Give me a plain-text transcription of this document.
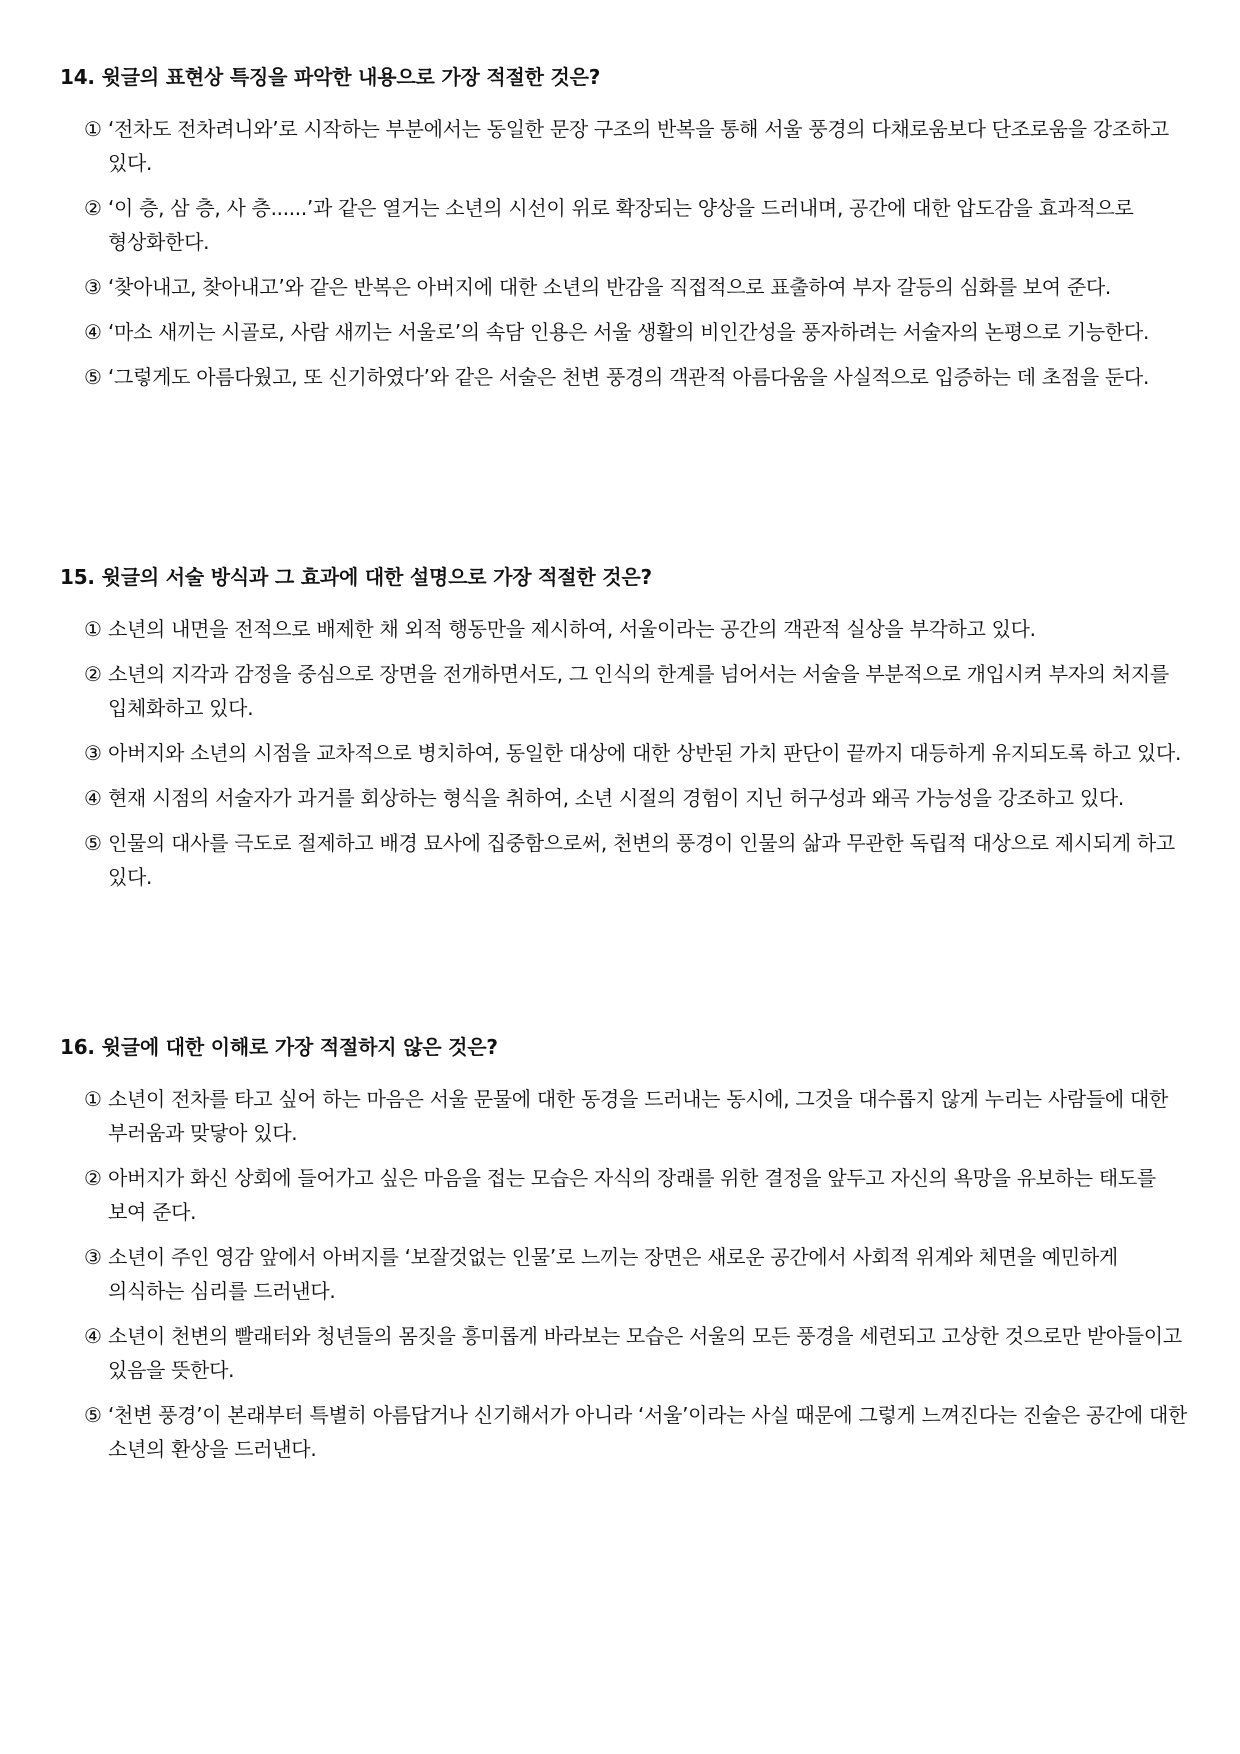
14. 윗글의 표현상 특징을 파악한 내용으로 가장 적절한 것은?
① ‘전차도 전차려니와’로 시작하는 부분에서는 동일한 문장 구조의 반복을 통해 서울 풍경의 다채로움보다 단조로움을 강조하고 있다.
② ‘이 층, 삼 층, 사 층......’과 같은 열거는 소년의 시선이 위로 확장되는 양상을 드러내며, 공간에 대한 압도감을 효과적으로 형상화한다.
③ ‘찾아내고, 찾아내고’와 같은 반복은 아버지에 대한 소년의 반감을 직접적으로 표출하여 부자 갈등의 심화를 보여 준다.
④ ‘마소 새끼는 시골로, 사람 새끼는 서울로’의 속담 인용은 서울 생활의 비인간성을 풍자하려는 서술자의 논평으로 기능한다.
⑤ ‘그렇게도 아름다웠고, 또 신기하였다’와 같은 서술은 천변 풍경의 객관적 아름다움을 사실적으로 입증하는 데 초점을 둔다.
15. 윗글의 서술 방식과 그 효과에 대한 설명으로 가장 적절한 것은?
① 소년의 내면을 전적으로 배제한 채 외적 행동만을 제시하여, 서울이라는 공간의 객관적 실상을 부각하고 있다.
② 소년의 지각과 감정을 중심으로 장면을 전개하면서도, 그 인식의 한계를 넘어서는 서술을 부분적으로 개입시켜 부자의 처지를 입체화하고 있다.
③ 아버지와 소년의 시점을 교차적으로 병치하여, 동일한 대상에 대한 상반된 가치 판단이 끝까지 대등하게 유지되도록 하고 있다.
④ 현재 시점의 서술자가 과거를 회상하는 형식을 취하여, 소년 시절의 경험이 지닌 허구성과 왜곡 가능성을 강조하고 있다.
⑤ 인물의 대사를 극도로 절제하고 배경 묘사에 집중함으로써, 천변의 풍경이 인물의 삶과 무관한 독립적 대상으로 제시되게 하고 있다.
16. 윗글에 대한 이해로 가장 적절하지 않은 것은?
① 소년이 전차를 타고 싶어 하는 마음은 서울 문물에 대한 동경을 드러내는 동시에, 그것을 대수롭지 않게 누리는 사람들에 대한 부러움과 맞닿아 있다.
② 아버지가 화신 상회에 들어가고 싶은 마음을 접는 모습은 자식의 장래를 위한 결정을 앞두고 자신의 욕망을 유보하는 태도를 보여 준다.
③ 소년이 주인 영감 앞에서 아버지를 ‘보잘것없는 인물’로 느끼는 장면은 새로운 공간에서 사회적 위계와 체면을 예민하게 의식하는 심리를 드러낸다.
④ 소년이 천변의 빨래터와 청년들의 몸짓을 흥미롭게 바라보는 모습은 서울의 모든 풍경을 세련되고 고상한 것으로만 받아들이고 있음을 뜻한다.
⑤ ‘천변 풍경’이 본래부터 특별히 아름답거나 신기해서가 아니라 ‘서울’이라는 사실 때문에 그렇게 느껴진다는 진술은 공간에 대한 소년의 환상을 드러낸다.
